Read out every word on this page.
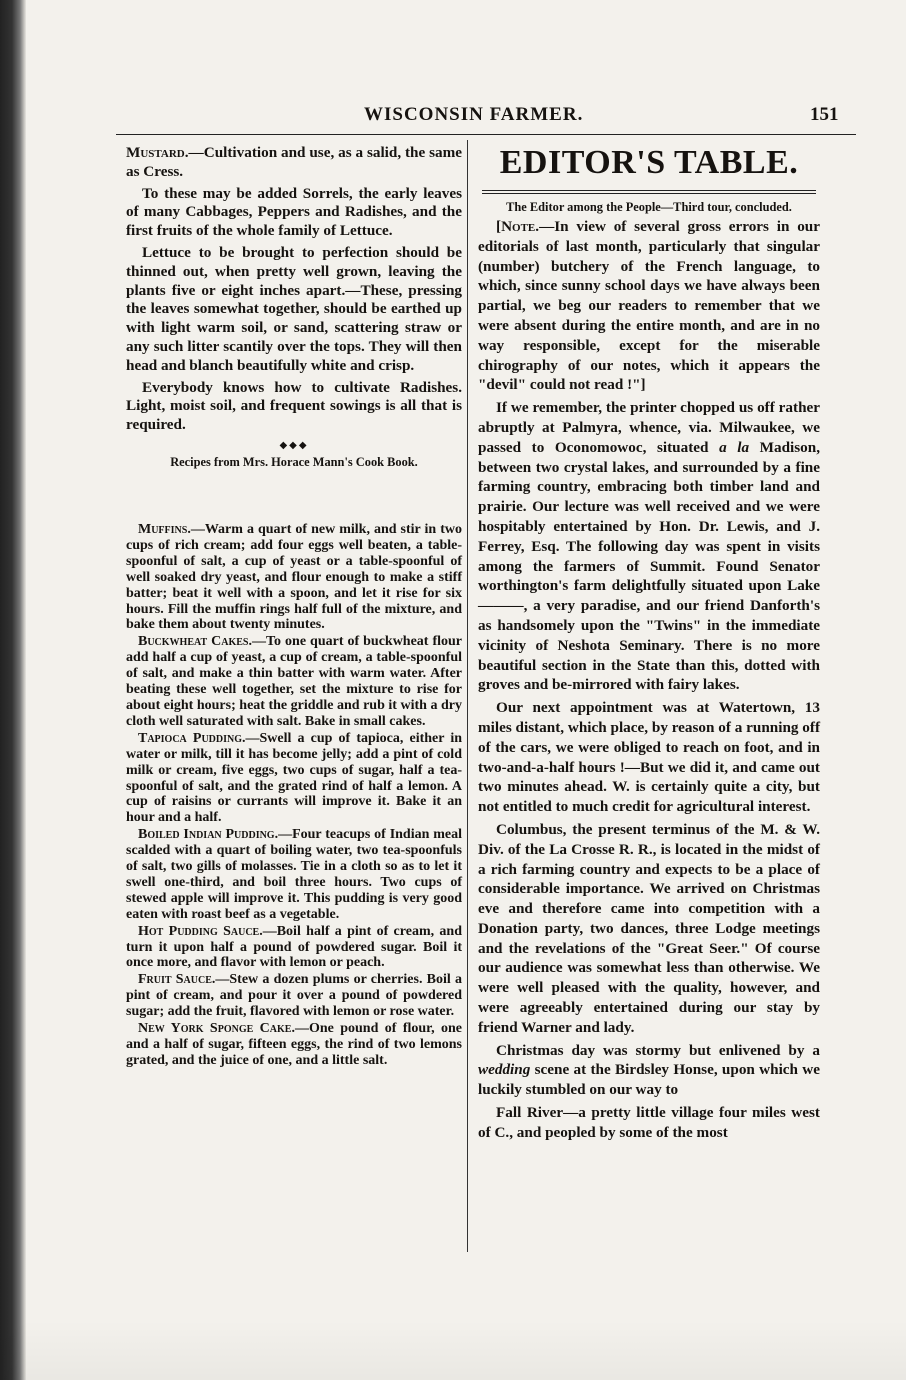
WISCONSIN FARMER.	151

Mustard.—Cultivation and use, as a salid, the same as Cress.

To these may be added Sorrels, the early leaves of many Cabbages, Peppers and Radishes, and the first fruits of the whole family of Lettuce.

Lettuce to be brought to perfection should be thinned out, when pretty well grown, leaving the plants five or eight inches apart.—These, pressing the leaves somewhat together, should be earthed up with light warm soil, or sand, scattering straw or any such litter scantily over the tops. They will then head and blanch beautifully white and crisp.

Everybody knows how to cultivate Radishes. Light, moist soil, and frequent sowings is all that is required.

◆◆◆
Recipes from Mrs. Horace Mann's Cook Book.

Muffins.—Warm a quart of new milk, and stir in two cups of rich cream; add four eggs well beaten, a table-spoonful of salt, a cup of yeast or a table-spoonful of well soaked dry yeast, and flour enough to make a stiff batter; beat it well with a spoon, and let it rise for six hours. Fill the muffin rings half full of the mixture, and bake them about twenty minutes.

Buckwheat Cakes.—To one quart of buckwheat flour add half a cup of yeast, a cup of cream, a table-spoonful of salt, and make a thin batter with warm water. After beating these well together, set the mixture to rise for about eight hours; heat the griddle and rub it with a dry cloth well saturated with salt. Bake in small cakes.

Tapioca Pudding.—Swell a cup of tapioca, either in water or milk, till it has become jelly; add a pint of cold milk or cream, five eggs, two cups of sugar, half a tea-spoonful of salt, and the grated rind of half a lemon. A cup of raisins or currants will improve it. Bake it an hour and a half.

Boiled Indian Pudding.—Four teacups of Indian meal scalded with a quart of boiling water, two tea-spoonfuls of salt, two gills of molasses. Tie in a cloth so as to let it swell one-third, and boil three hours. Two cups of stewed apple will improve it. This pudding is very good eaten with roast beef as a vegetable.

Hot Pudding Sauce.—Boil half a pint of cream, and turn it upon half a pound of powdered sugar. Boil it once more, and flavor with lemon or peach.

Fruit Sauce.—Stew a dozen plums or cherries. Boil a pint of cream, and pour it over a pound of powdered sugar; add the fruit, flavored with lemon or rose water.

New York Sponge Cake.—One pound of flour, one and a half of sugar, fifteen eggs, the rind of two lemons grated, and the juice of one, and a little salt.

EDITOR'S TABLE.
The Editor among the People—Third tour, concluded.

[Note.—In view of several gross errors in our editorials of last month, particularly that singular (number) butchery of the French language, to which, since sunny school days we have always been partial, we beg our readers to remember that we were absent during the entire month, and are in no way responsible, except for the miserable chirography of our notes, which it appears the "devil" could not read !"]

If we remember, the printer chopped us off rather abruptly at Palmyra, whence, via. Milwaukee, we passed to Oconomowoc, situated a la Madison, between two crystal lakes, and surrounded by a fine farming country, embracing both timber land and prairie. Our lecture was well received and we were hospitably entertained by Hon. Dr. Lewis, and J. Ferrey, Esq. The following day was spent in visits among the farmers of Summit. Found Senator worthington's farm delightfully situated upon Lake ———, a very paradise, and our friend Danforth's as handsomely upon the "Twins" in the immediate vicinity of Neshota Seminary. There is no more beautiful section in the State than this, dotted with groves and be-mirrored with fairy lakes.

Our next appointment was at Watertown, 13 miles distant, which place, by reason of a running off of the cars, we were obliged to reach on foot, and in two-and-a-half hours !—But we did it, and came out two minutes ahead. W. is certainly quite a city, but not entitled to much credit for agricultural interest.

Columbus, the present terminus of the M. & W. Div. of the La Crosse R. R., is located in the midst of a rich farming country and expects to be a place of considerable importance. We arrived on Christmas eve and therefore came into competition with a Donation party, two dances, three Lodge meetings and the revelations of the "Great Seer." Of course our audience was somewhat less than otherwise. We were well pleased with the quality, however, and were agreeably entertained during our stay by friend Warner and lady.

Christmas day was stormy but enlivened by a wedding scene at the Birdsley Honse, upon which we luckily stumbled on our way to

Fall River—a pretty little village four miles west of C., and peopled by some of the most
